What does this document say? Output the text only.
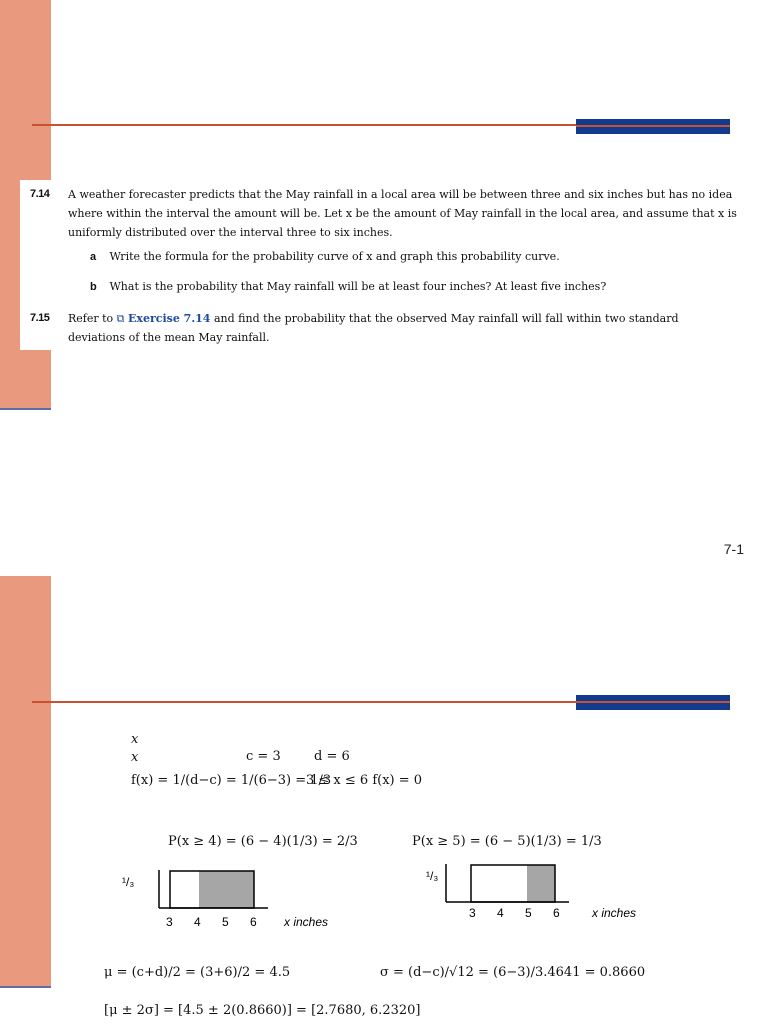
7.14 A weather forecaster predicts that the May rainfall in a local area will be between three and six inches but has no idea where within the interval the amount will be. Let x be the amount of May rainfall in the local area, and assume that x is uniformly distributed over the interval three to six inches.
a Write the formula for the probability curve of x and graph this probability curve.
b What is the probability that May rainfall will be at least four inches? At least five inches?
7.15 Refer to ⧉ Exercise 7.14 and find the probability that the observed May rainfall will fall within two standard deviations of the mean May rainfall.
7-1
x
x	c = 3	d = 6
f(x) = 1/(d−c) = 1/(6−3) = 1/3
3 ≤ x ≤ 6 f(x) = 0
P(x ≥ 4) = (6 − 4)(1/3) = 2/3	P(x ≥ 5) = (6 − 5)(1/3) = 1/3
¹/₃
3 4 5 6 x inches
¹/₃
3 4 5 6	x inches
μ = (c+d)/2 = (3+6)/2 = 4.5	σ = (d−c)/√12 = (6−3)/3.4641 = 0.8660
[μ ± 2σ] = [4.5 ± 2(0.8660)] = [2.7680, 6.2320]
